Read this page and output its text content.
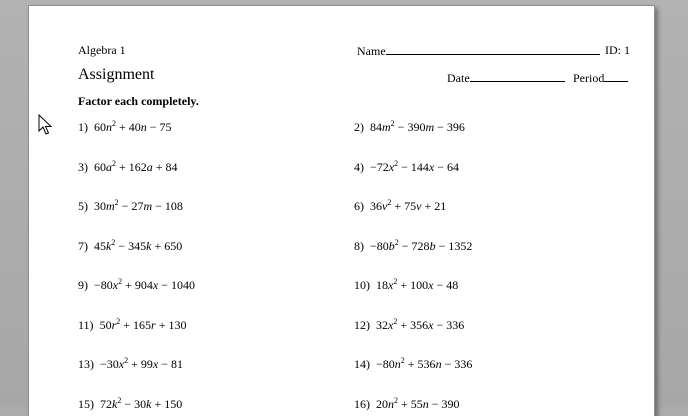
Algebra 1	Name	ID: 1
Assignment	Date	Period
Factor each completely.
1)  $60n^2 + 40n - 75$	2)  $84m^2 - 390m - 396$
3)  $60a^2 + 162a + 84$	$4) -72x^2 - 144x - 64$
5)  $30m^2 - 27m - 108$	6)  $36v^2 + 75v + 21$
7)  $45k^2 - 345k + 650$	$8) -80b^2 - 728b - 1352$
$9) -80x^2 + 904x - 1040$	10)  $18x^2 + 100x - 48$
11)  $50r^2 + 165r + 130$	12)  $32x^2 + 356x - 336$
$13) -30x^2 + 99x - 81$	$14) -80n^2 + 536n - 336$
15)  $72k^2 - 30k + 150$	16)  $20n^2 + 55n - 390$
